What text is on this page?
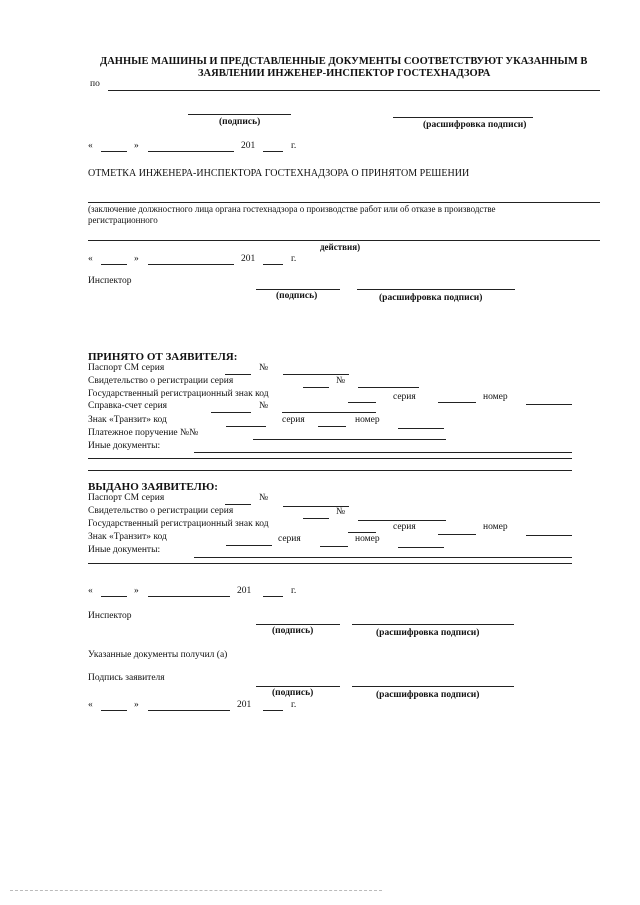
ДАННЫЕ МАШИНЫ И ПРЕДСТАВЛЕННЫЕ ДОКУМЕНТЫ СООТВЕТСТВУЮТ УКАЗАННЫМ В
ЗАЯВЛЕНИИ ИНЖЕНЕР-ИНСПЕКТОР ГОСТЕХНАДЗОРА
по
(подпись)	(расшифровка подписи)
«	»	201	г.
ОТМЕТКА ИНЖЕНЕРА-ИНСПЕКТОРА ГОСТЕХНАДЗОРА О ПРИНЯТОМ РЕШЕНИИ
(заключение должностного лица органа гостехнадзора о производстве работ или об отказе в производстве
регистрационного
действия)
«	»	201	г.
Инспектор
(подпись)	(расшифровка подписи)
ПРИНЯТО ОТ ЗАЯВИТЕЛЯ:
Паспорт СМ серия	№
Свидетельство о регистрации серия	№
Государственный регистрационный знак код	серия	номер
Справка-счет серия	№
Знак «Транзит» код	серия	номер
Платежное поручение №№
Иные документы:
ВЫДАНО ЗАЯВИТЕЛЮ:
Паспорт СМ серия	№
Свидетельство о регистрации серия	№
Государственный регистрационный знак код	серия	номер
Знак «Транзит» код	серия	номер
Иные документы:
«	»	201	г.
Инспектор
(подпись)	(расшифровка подписи)
Указанные документы получил (а)
Подпись заявителя
(подпись)	(расшифровка подписи)
«	»	201	г.
